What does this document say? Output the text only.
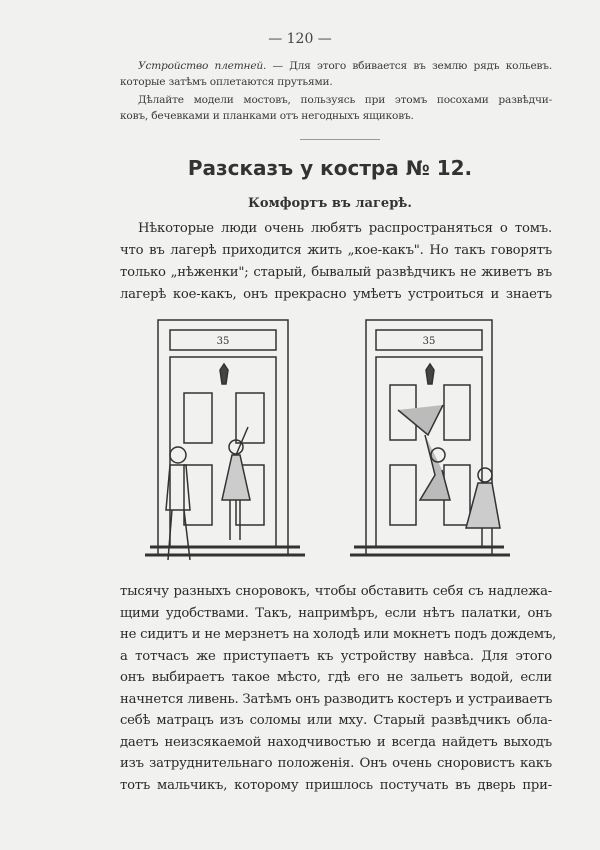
— 120 —
Устройство плетней. — Для этого вбивается въ землю рядъ кольевъ.
которые затѣмъ оплетаются прутьями.
Дѣлайте модели мостовъ, пользуясь при этомъ посохами развѣдчи-
ковъ, бечевками и планками отъ негодныхъ ящиковъ.
Разсказъ у костра № 12.
Комфортъ въ лагерѣ.
Нѣкоторые люди очень любятъ распространяться о томъ.
что въ лагерѣ приходится жить „кое-какъ". Но такъ говорятъ
только „нѣженки"; старый, бывалый развѣдчикъ не живетъ въ
лагерѣ кое-какъ, онъ прекрасно умѣетъ устроиться и знаетъ
35	35
тысячу разныхъ сноровокъ, чтобы обставить себя съ надлежа-
щими удобствами. Такъ, напримѣръ, если нѣтъ палатки, онъ
не сидитъ и не мерзнетъ на холодѣ или мокнетъ подъ дождемъ,
а тотчасъ же приступаетъ къ устройству навѣса. Для этого
онъ выбираетъ такое мѣсто, гдѣ его не зальетъ водой, если
начнется ливень. Затѣмъ онъ разводитъ костеръ и устраиваетъ
себѣ матрацъ изъ соломы или мху. Старый развѣдчикъ обла-
даетъ неизсякаемой находчивостью и всегда найдетъ выходъ
изъ затруднительнаго положенія. Онъ очень сноровистъ какъ
тотъ мальчикъ, которому пришлось постучать въ дверь при-
